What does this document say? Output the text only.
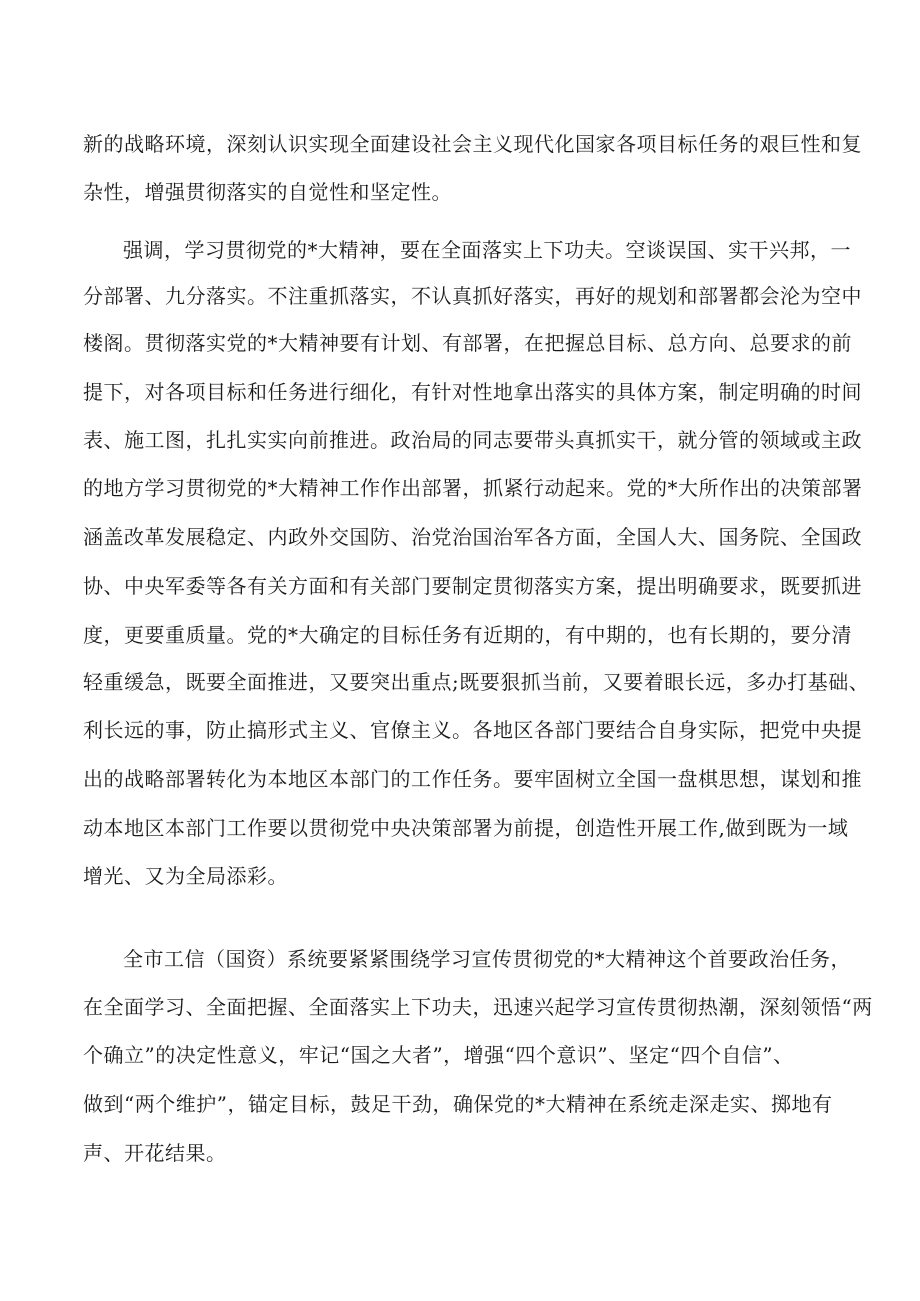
新的战略环境，深刻认识实现全面建设社会主义现代化国家各项目标任务的艰巨性和复
杂性，增强贯彻落实的自觉性和坚定性。
强调，学习贯彻党的*大精神，要在全面落实上下功夫。空谈误国、实干兴邦，一
分部署、九分落实。不注重抓落实，不认真抓好落实，再好的规划和部署都会沦为空中
楼阁。贯彻落实党的*大精神要有计划、有部署，在把握总目标、总方向、总要求的前
提下，对各项目标和任务进行细化，有针对性地拿出落实的具体方案，制定明确的时间
表、施工图，扎扎实实向前推进。政治局的同志要带头真抓实干，就分管的领域或主政
的地方学习贯彻党的*大精神工作作出部署，抓紧行动起来。党的*大所作出的决策部署
涵盖改革发展稳定、内政外交国防、治党治国治军各方面，全国人大、国务院、全国政
协、中央军委等各有关方面和有关部门要制定贯彻落实方案，提出明确要求，既要抓进
度，更要重质量。党的*大确定的目标任务有近期的，有中期的，也有长期的，要分清
轻重缓急，既要全面推进，又要突出重点;既要狠抓当前，又要着眼长远，多办打基础、
利长远的事，防止搞形式主义、官僚主义。各地区各部门要结合自身实际，把党中央提
出的战略部署转化为本地区本部门的工作任务。要牢固树立全国一盘棋思想，谋划和推
动本地区本部门工作要以贯彻党中央决策部署为前提，创造性开展工作,做到既为一域
增光、又为全局添彩。
全市工信（国资）系统要紧紧围绕学习宣传贯彻党的*大精神这个首要政治任务，
在全面学习、全面把握、全面落实上下功夫，迅速兴起学习宣传贯彻热潮，深刻领悟“两
个确立”的决定性意义，牢记“国之大者”，增强“四个意识”、坚定“四个自信”、
做到“两个维护”，锚定目标，鼓足干劲，确保党的*大精神在系统走深走实、掷地有
声、开花结果。
